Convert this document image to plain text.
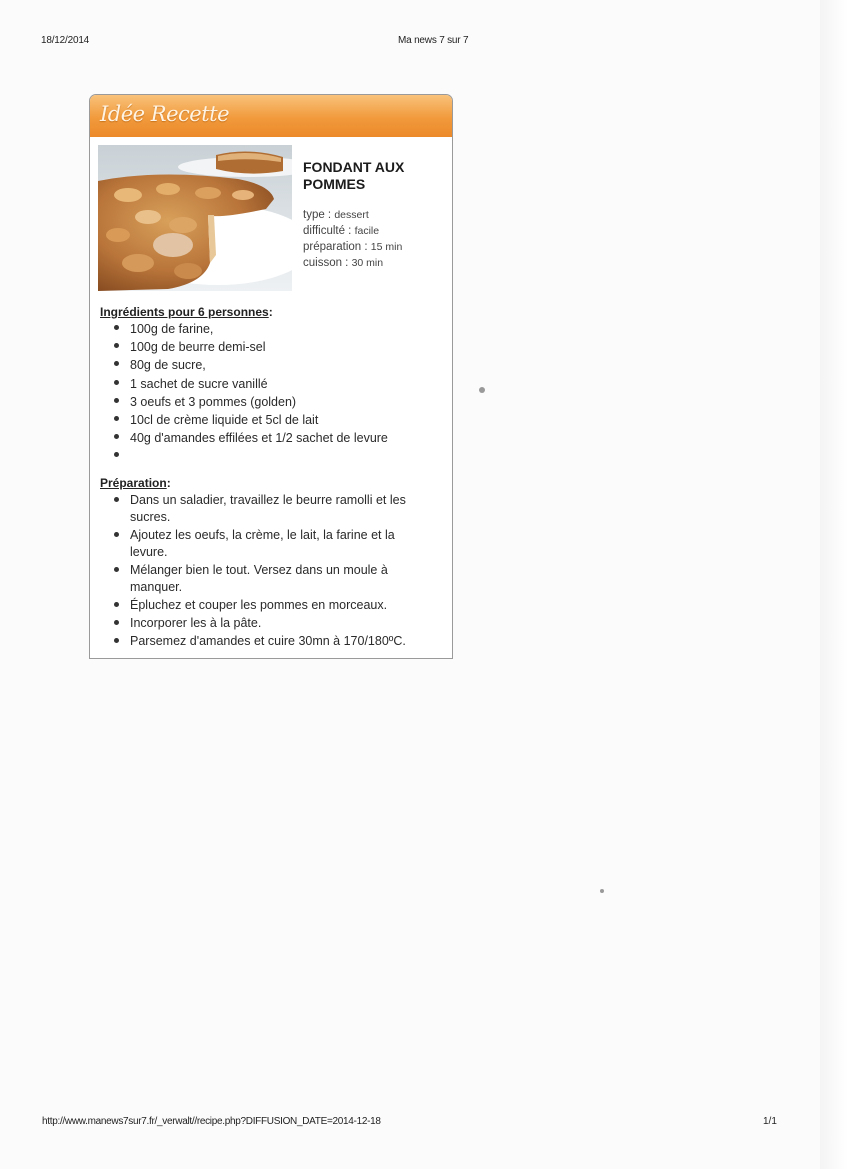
18/12/2014	Ma news 7 sur 7
Idée Recette
FONDANT AUX POMMES
type : dessert
difficulté : facile
préparation : 15 min
cuisson : 30 min
Ingrédients pour 6 personnes:
100g de farine,
100g de beurre demi-sel
80g de sucre,
1 sachet de sucre vanillé
3 oeufs et 3 pommes (golden)
10cl de crème liquide et 5cl de lait
40g d'amandes effilées et 1/2 sachet de levure

Préparation:
Dans un saladier, travaillez le beurre ramolli et les sucres.
Ajoutez les oeufs, la crème, le lait, la farine et la levure.
Mélanger bien le tout. Versez dans un moule à manquer.
Épluchez et couper les pommes en morceaux.
Incorporer les à la pâte.
Parsemez d'amandes et cuire 30mn à 170/180ºC.
http://www.manews7sur7.fr/_verwalt//recipe.php?DIFFUSION_DATE=2014-12-18	1/1
